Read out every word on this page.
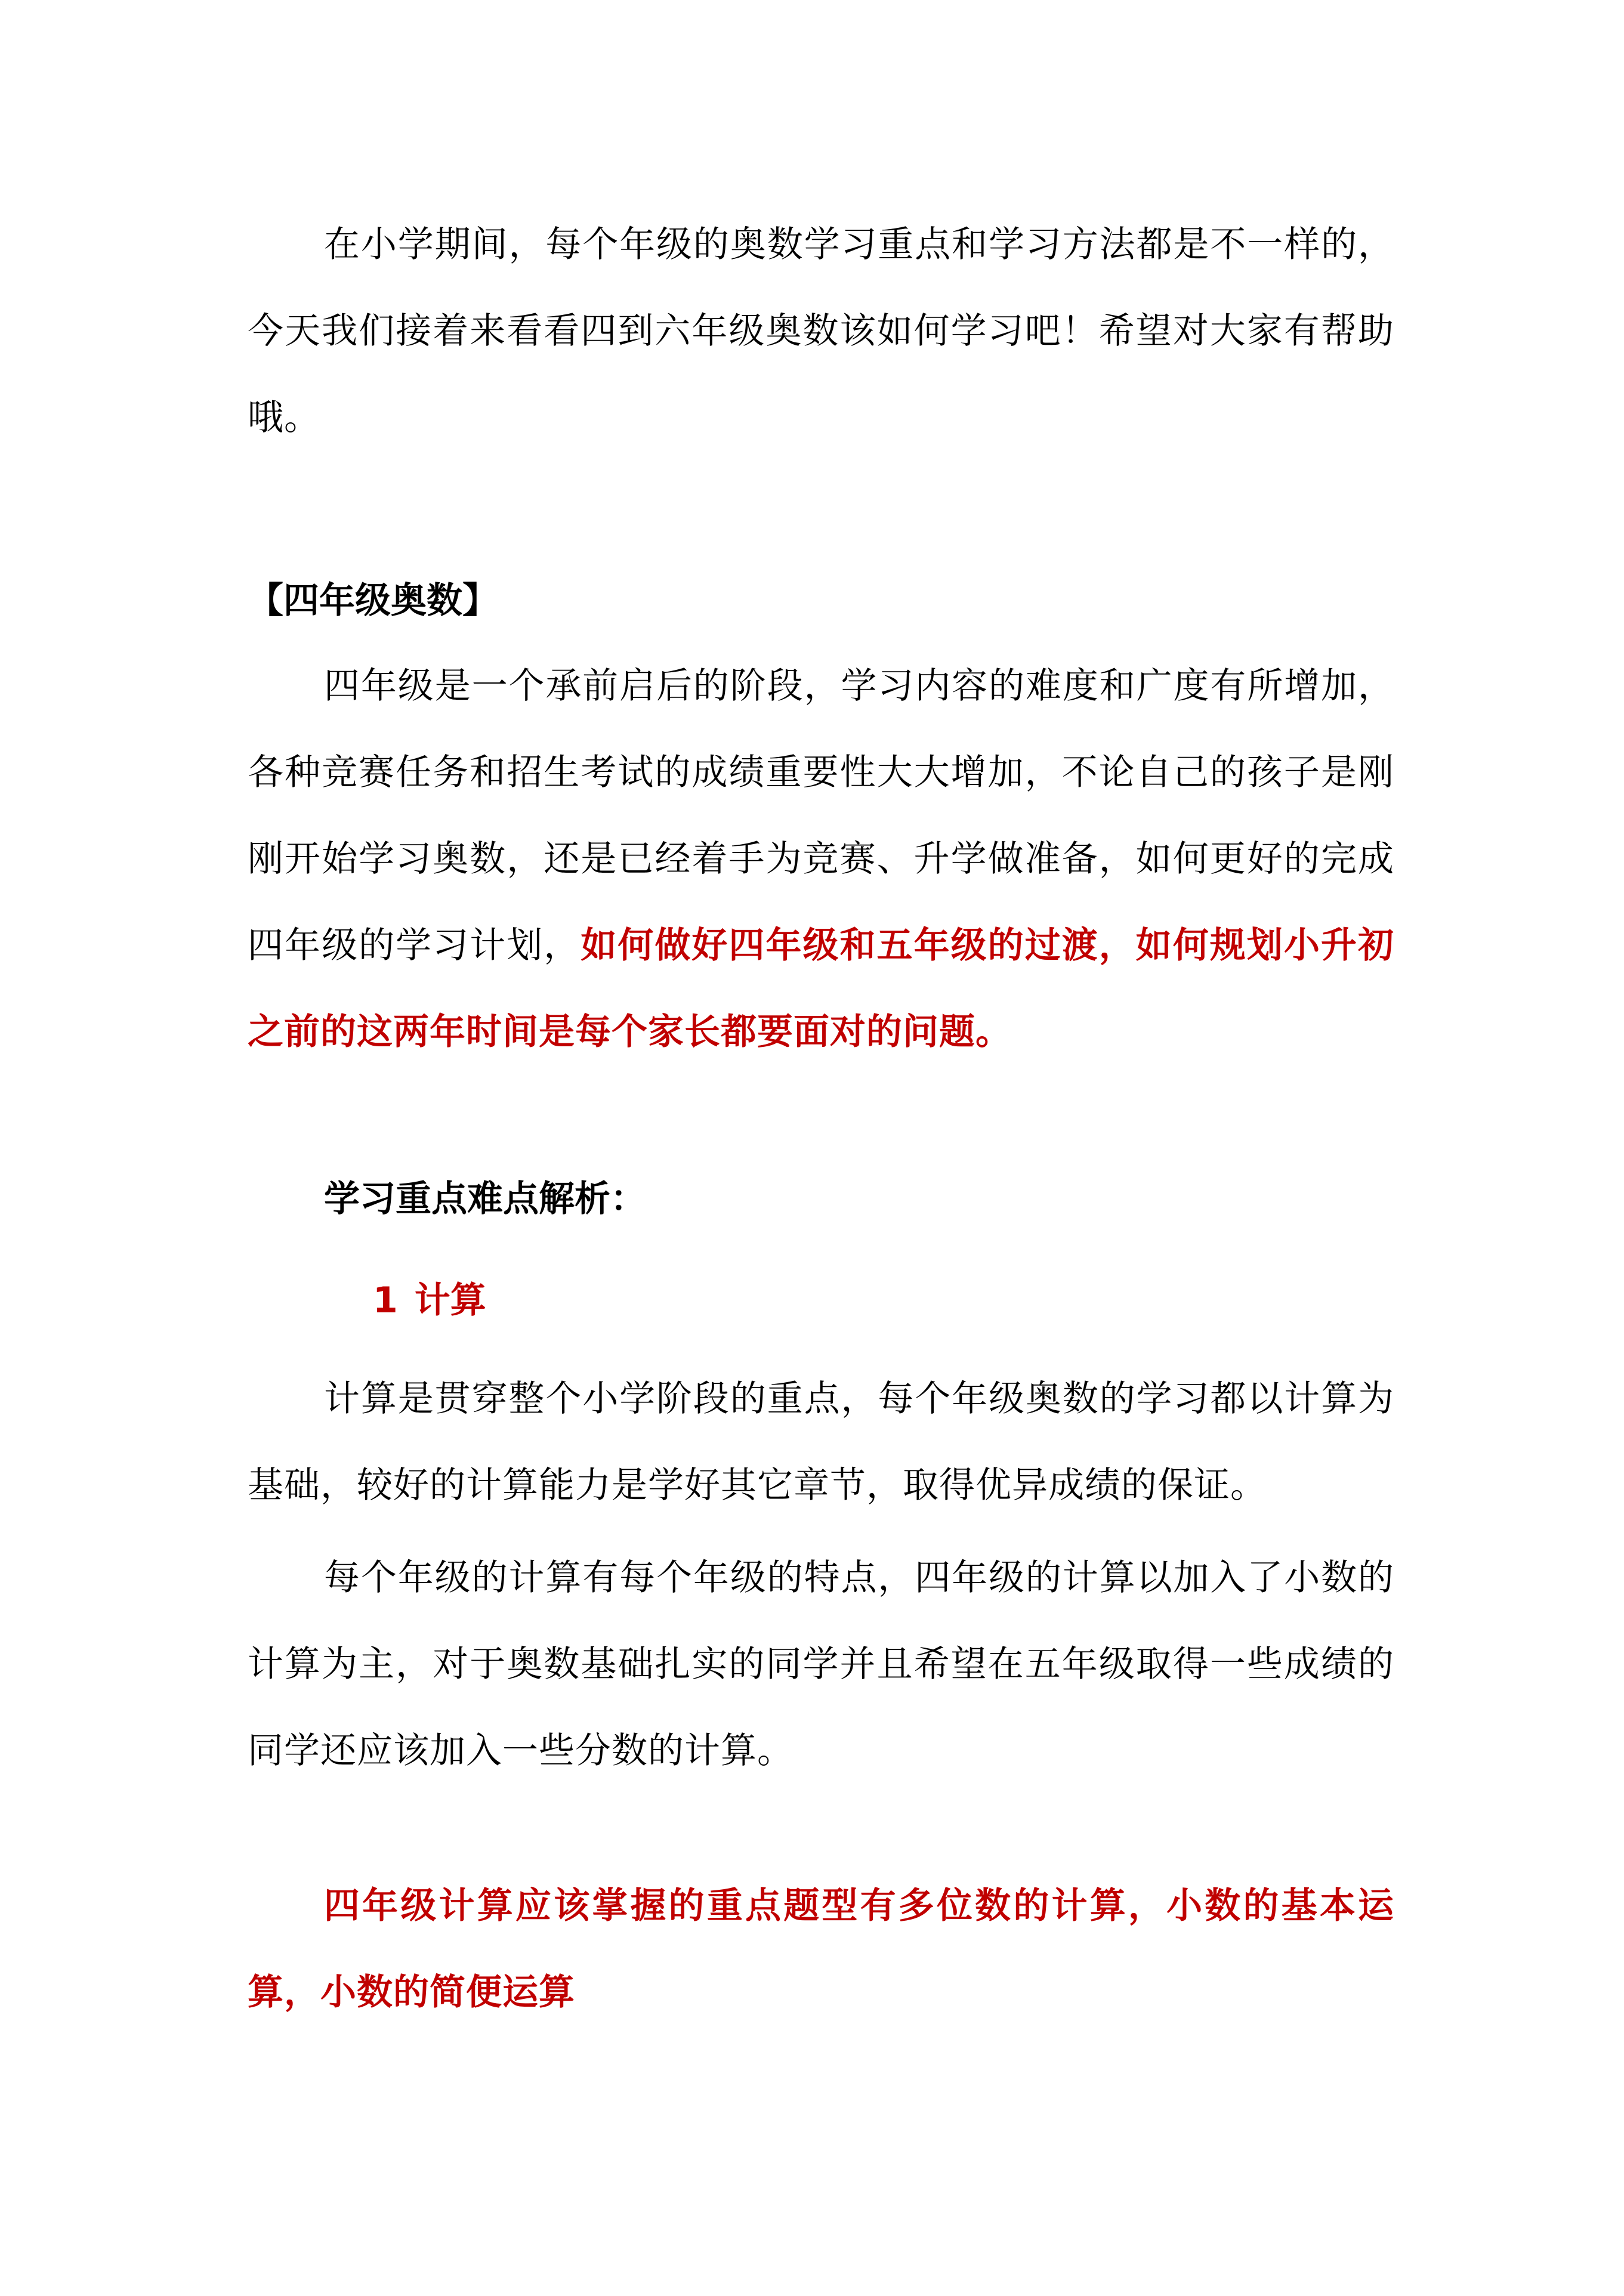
在小学期间，每个年级的奥数学习重点和学习方法都是不一样的，今天我们接着来看看四到六年级奥数该如何学习吧！希望对大家有帮助哦。

【四年级奥数】

四年级是一个承前启后的阶段，学习内容的难度和广度有所增加，各种竞赛任务和招生考试的成绩重要性大大增加，不论自己的孩子是刚刚开始学习奥数，还是已经着手为竞赛、升学做准备，如何更好的完成四年级的学习计划，如何做好四年级和五年级的过渡，如何规划小升初之前的这两年时间是每个家长都要面对的问题。

学习重点难点解析：
1 计算

计算是贯穿整个小学阶段的重点，每个年级奥数的学习都以计算为基础，较好的计算能力是学好其它章节，取得优异成绩的保证。

每个年级的计算有每个年级的特点，四年级的计算以加入了小数的计算为主，对于奥数基础扎实的同学并且希望在五年级取得一些成绩的同学还应该加入一些分数的计算。

四年级计算应该掌握的重点题型有多位数的计算，小数的基本运算，小数的简便运算
